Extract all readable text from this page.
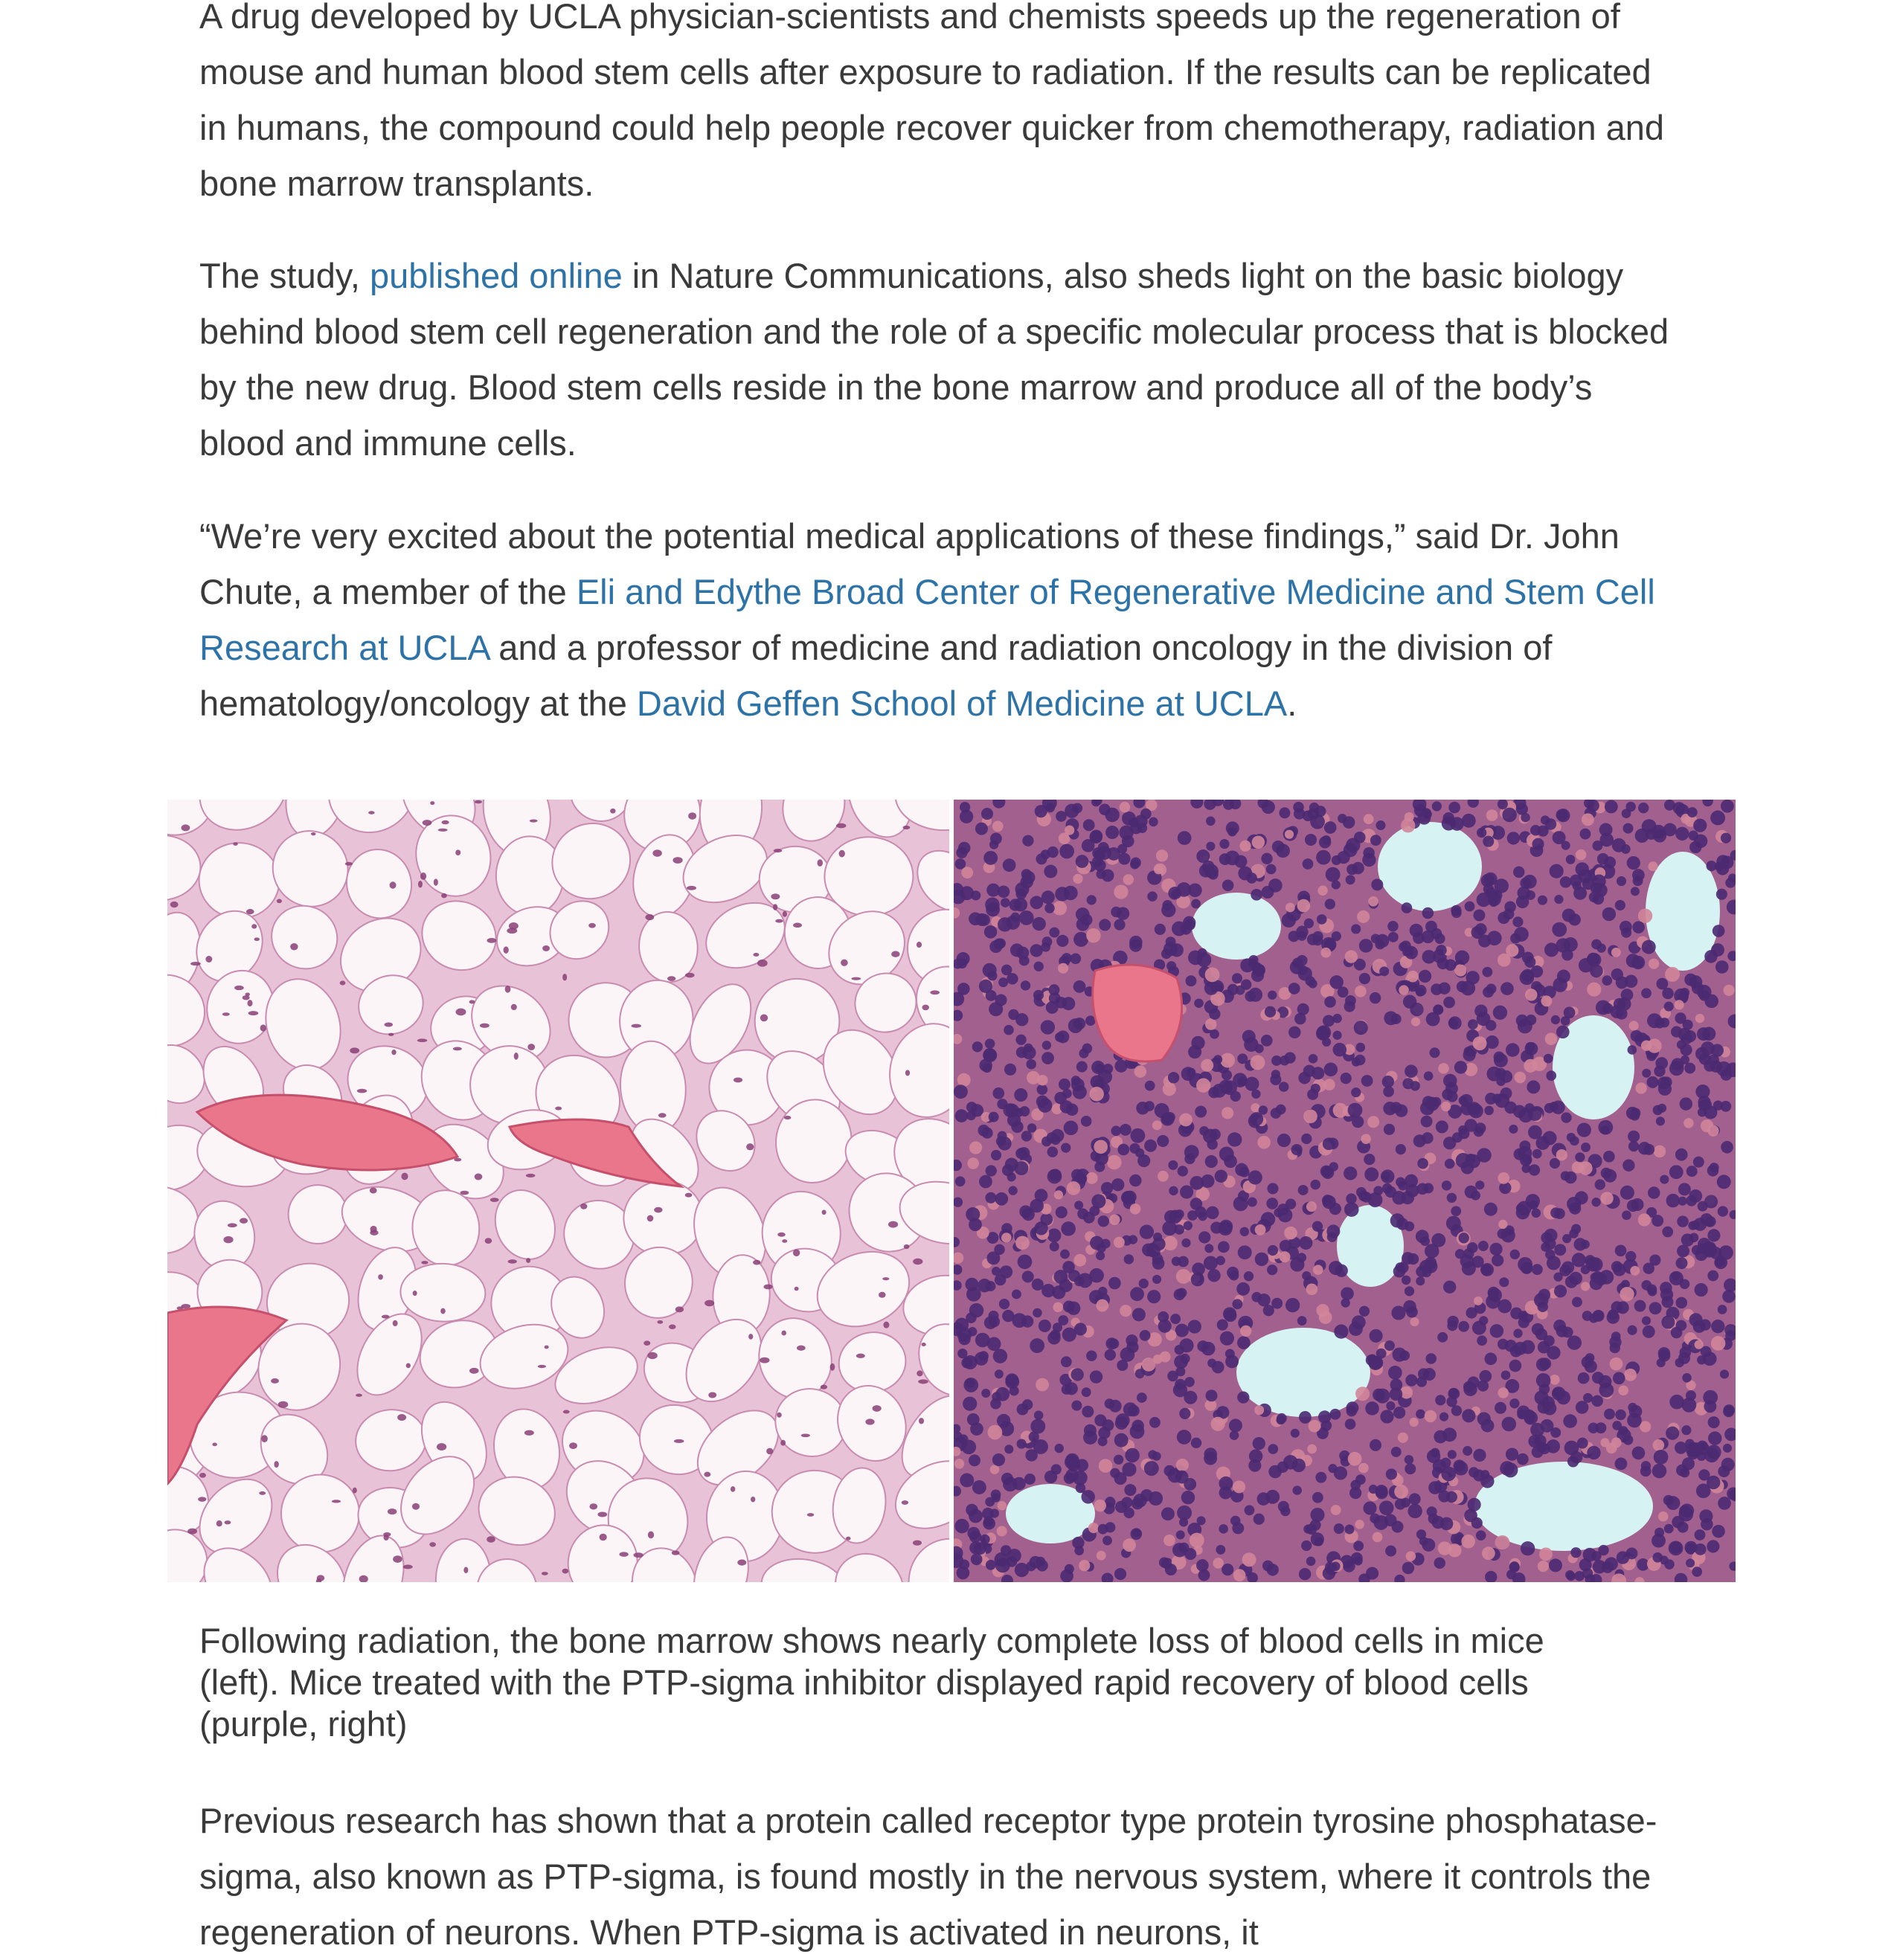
A drug developed by UCLA physician-scientists and chemists speeds up the regeneration of mouse and human blood stem cells after exposure to radiation. If the results can be replicated in humans, the compound could help people recover quicker from chemotherapy, radiation and bone marrow transplants.

The study, published online in Nature Communications, also sheds light on the basic biology behind blood stem cell regeneration and the role of a specific molecular process that is blocked by the new drug. Blood stem cells reside in the bone marrow and produce all of the body’s blood and immune cells.

“We’re very excited about the potential medical applications of these findings,” said Dr. John Chute, a member of the Eli and Edythe Broad Center of Regenerative Medicine and Stem Cell Research at UCLA and a professor of medicine and radiation oncology in the division of hematology/oncology at the David Geffen School of Medicine at UCLA.

Previous research has shown that a protein called receptor type protein tyrosine phosphatase-sigma, also known as PTP-sigma, is found mostly in the nervous system, where it controls the regeneration of neurons. When PTP-sigma is activated in neurons, it

Following radiation, the bone marrow shows nearly complete loss of blood cells in mice (left). Mice treated with the PTP-sigma inhibitor displayed rapid recovery of blood cells (purple, right)
